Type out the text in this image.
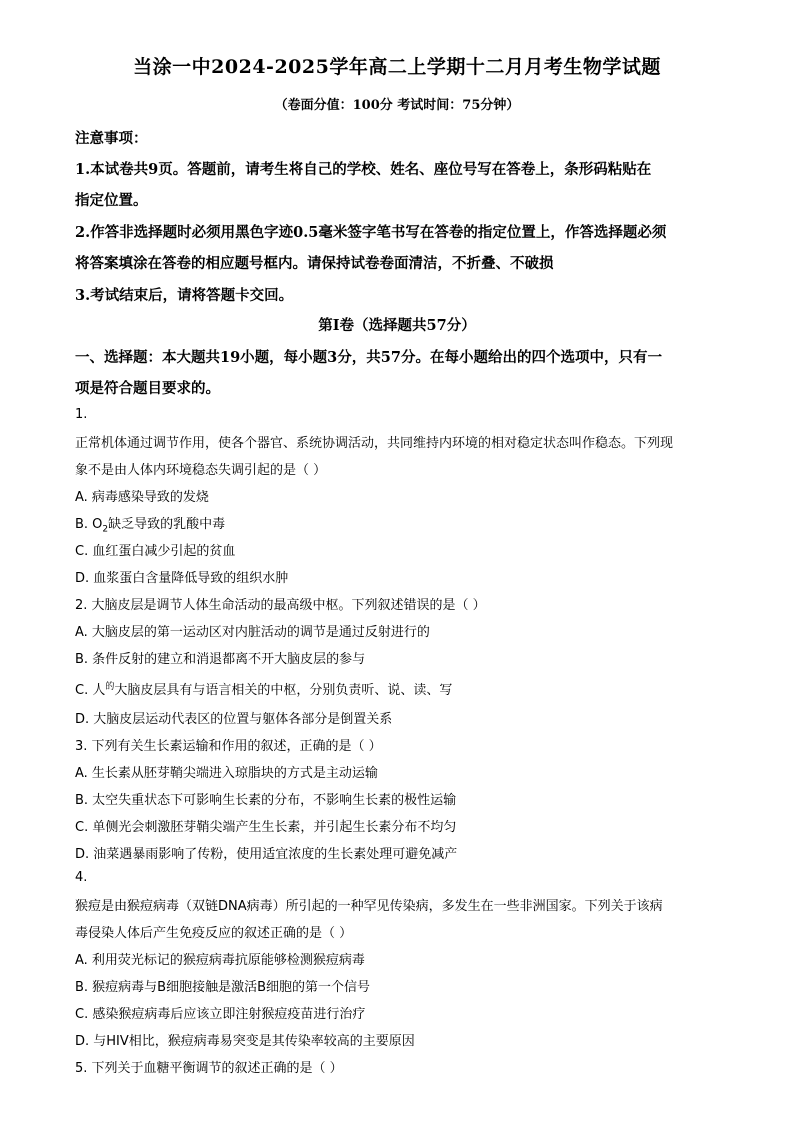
当涂一中2024-2025学年高二上学期十二月月考生物学试题
（卷面分值：100分 考试时间：75分钟）
注意事项：
1.本试卷共9页。答题前，请考生将自己的学校、姓名、座位号写在答卷上，条形码粘贴在
指定位置。
2.作答非选择题时必须用黑色字迹0.5毫米签字笔书写在答卷的指定位置上，作答选择题必须
将答案填涂在答卷的相应题号框内。请保持试卷卷面清洁，不折叠、不破损
3.考试结束后，请将答题卡交回。
第Ⅰ卷（选择题共57分）
一、选择题：本大题共19小题，每小题3分，共57分。在每小题给出的四个选项中，只有一
项是符合题目要求的。
1.
正常机体通过调节作用，使各个器官、系统协调活动，共同维持内环境的相对稳定状态叫作稳态。下列现
象不是由人体内环境稳态失调引起的是（ ）
A. 病毒感染导致的发烧
B. $O_2$缺乏导致的乳酸中毒
C. 血红蛋白减少引起的贫血
D. 血浆蛋白含量降低导致的组织水肿
2. 大脑皮层是调节人体生命活动的最高级中枢。下列叙述错误的是（ ）
A. 大脑皮层的第一运动区对内脏活动的调节是通过反射进行的
B. 条件反射的建立和消退都离不开大脑皮层的参与
C. 人$^的$大脑皮层具有与语言相关的中枢，分别负责听、说、读、写
D. 大脑皮层运动代表区的位置与躯体各部分是倒置关系
3. 下列有关生长素运输和作用的叙述，正确的是（ ）
A. 生长素从胚芽鞘尖端进入琼脂块的方式是主动运输
B. 太空失重状态下可影响生长素的分布，不影响生长素的极性运输
C. 单侧光会刺激胚芽鞘尖端产生生长素，并引起生长素分布不均匀
D. 油菜遇暴雨影响了传粉，使用适宜浓度的生长素处理可避免减产
4.
猴痘是由猴痘病毒（双链DNA病毒）所引起的一种罕见传染病，多发生在一些非洲国家。下列关于该病
毒侵染人体后产生免疫反应的叙述正确的是（ ）
A. 利用荧光标记的猴痘病毒抗原能够检测猴痘病毒
B. 猴痘病毒与B细胞接触是激活B细胞的第一个信号
C. 感染猴痘病毒后应该立即注射猴痘疫苗进行治疗
D. 与HIV相比，猴痘病毒易突变是其传染率较高的主要原因
5. 下列关于血糖平衡调节的叙述正确的是（ ）
